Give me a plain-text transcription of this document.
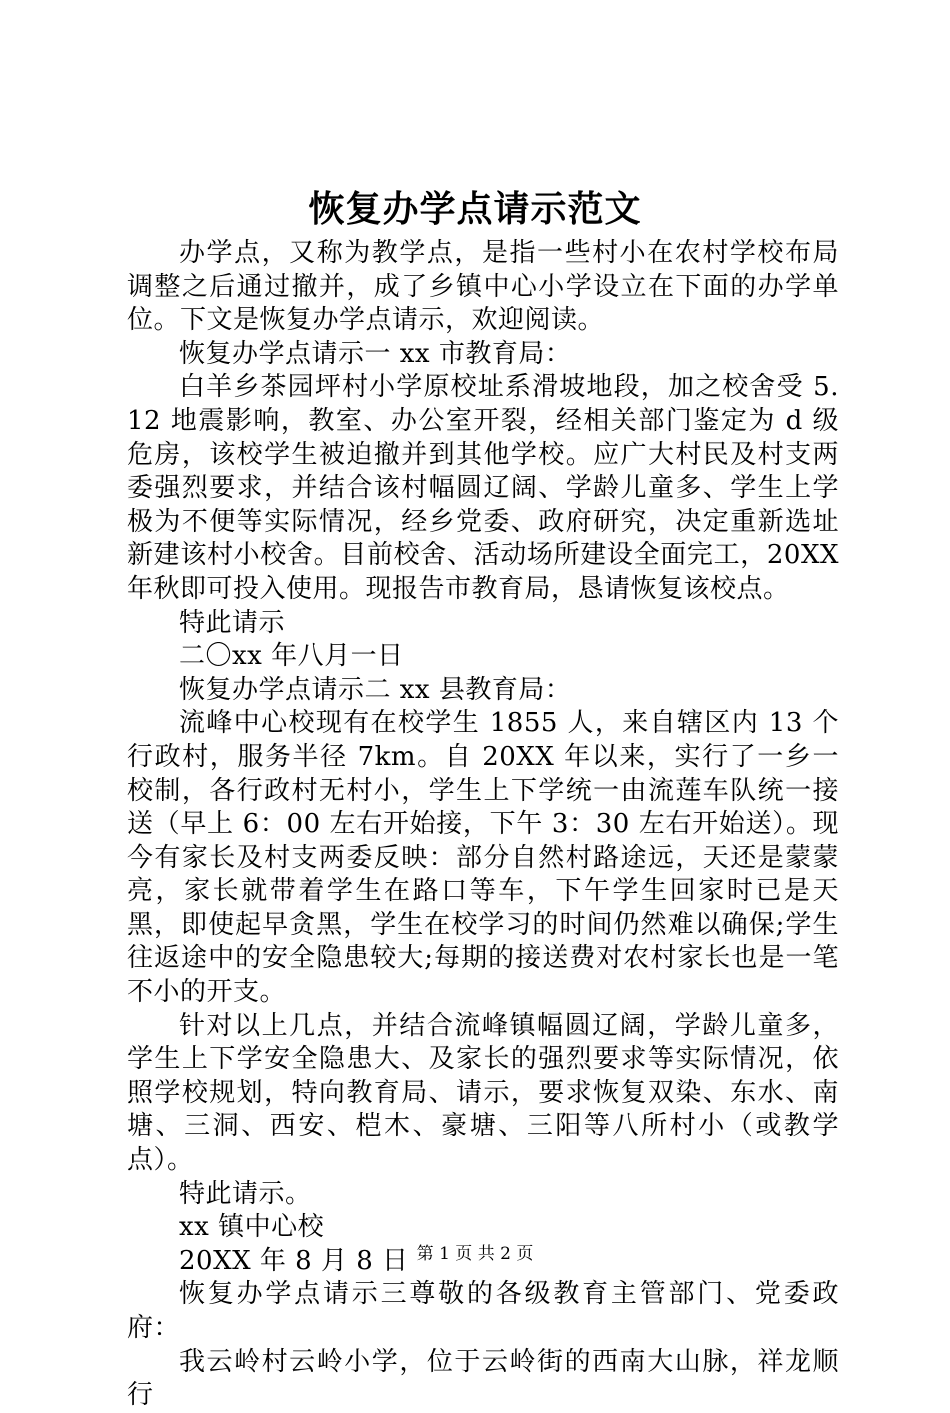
恢复办学点请示范文

办学点，又称为教学点，是指一些村小在农村学校布局调整之后通过撤并，成了乡镇中心小学设立在下面的办学单位。下文是恢复办学点请示，欢迎阅读。

恢复办学点请示一 xx 市教育局：

白羊乡茶园坪村小学原校址系滑坡地段，加之校舍受 5.12 地震影响，教室、办公室开裂，经相关部门鉴定为 d 级危房，该校学生被迫撤并到其他学校。应广大村民及村支两委强烈要求，并结合该村幅圆辽阔、学龄儿童多、学生上学极为不便等实际情况，经乡党委、政府研究，决定重新选址新建该村小校舍。目前校舍、活动场所建设全面完工，20XX 年秋即可投入使用。现报告市教育局，恳请恢复该校点。

特此请示

二〇xx 年八月一日

恢复办学点请示二 xx 县教育局：

流峰中心校现有在校学生 1855 人，来自辖区内 13 个行政村，服务半径 7km。自 20XX 年以来，实行了一乡一校制，各行政村无村小，学生上下学统一由流莲车队统一接送（早上 6：00 左右开始接，下午 3：30 左右开始送）。现今有家长及村支两委反映：部分自然村路途远，天还是蒙蒙亮，家长就带着学生在路口等车，下午学生回家时已是天黑，即使起早贪黑，学生在校学习的时间仍然难以确保;学生往返途中的安全隐患较大;每期的接送费对农村家长也是一笔不小的开支。

针对以上几点，并结合流峰镇幅圆辽阔，学龄儿童多，学生上下学安全隐患大、及家长的强烈要求等实际情况，依照学校规划，特向教育局、请示，要求恢复双染、东水、南塘、三洞、西安、桤木、豪塘、三阳等八所村小（或教学点）。

特此请示。

xx 镇中心校

20XX 年 8 月 8 日

恢复办学点请示三尊敬的各级教育主管部门、党委政府：

我云岭村云岭小学，位于云岭街的西南大山脉，祥龙顺行

第 1 页 共 2 页
